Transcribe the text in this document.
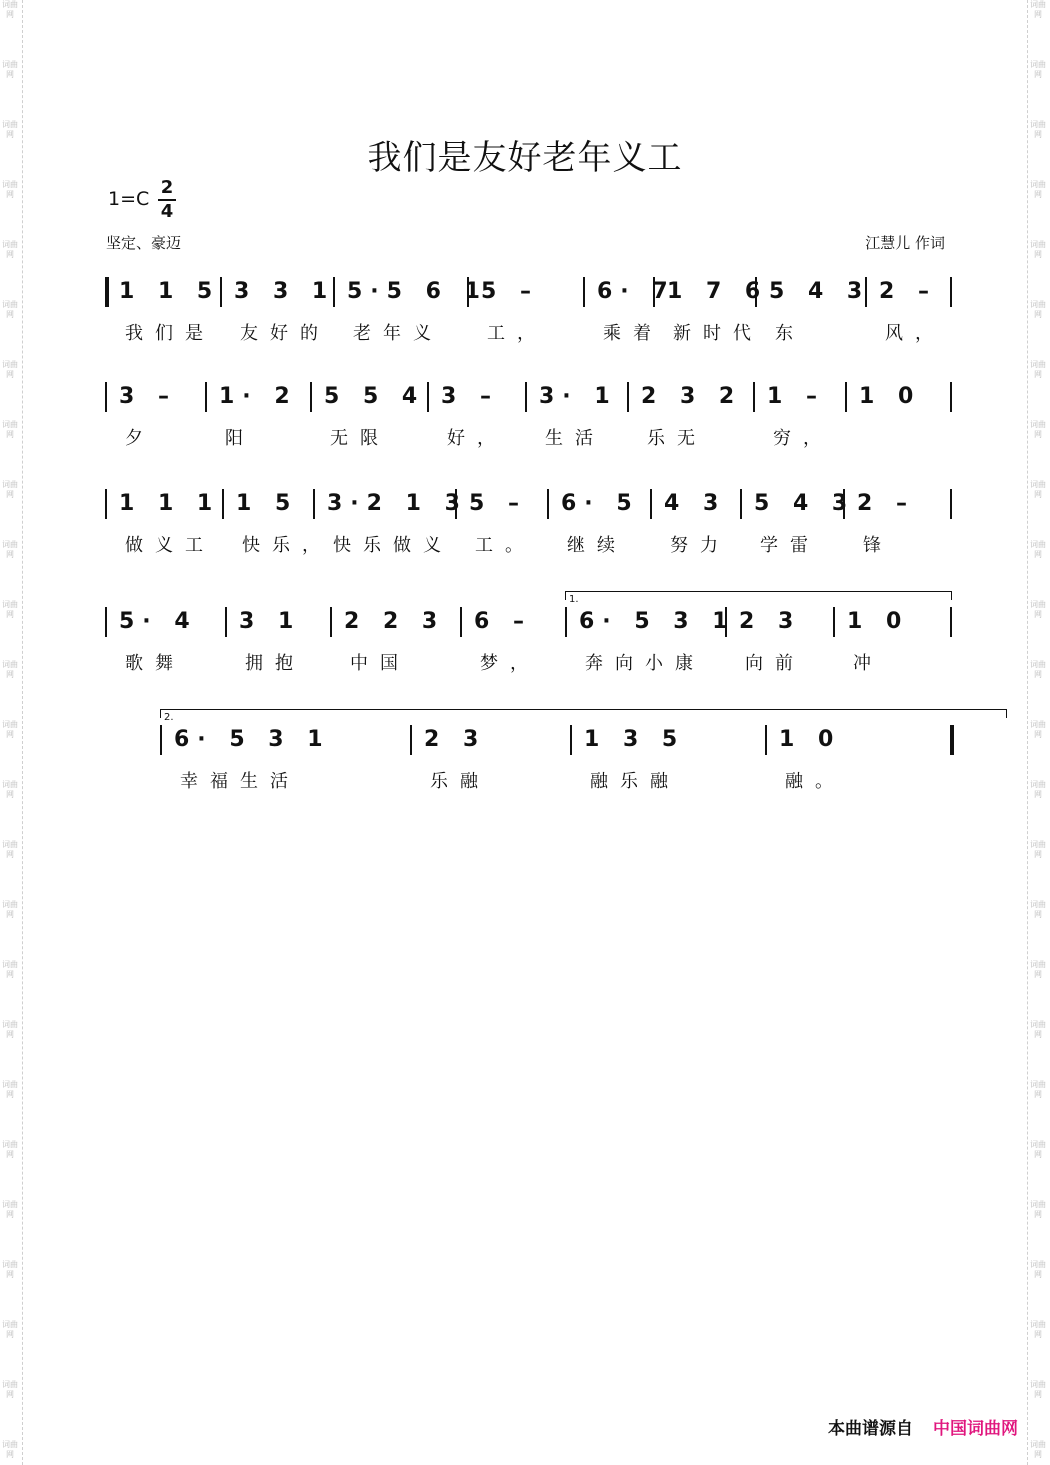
词曲网
词曲网
词曲网
词曲网
词曲网
词曲网
词曲网
词曲网
词曲网
词曲网
词曲网
词曲网
词曲网
词曲网
词曲网
词曲网
词曲网
词曲网
词曲网
词曲网
词曲网
词曲网
词曲网
词曲网
词曲网
词曲网
词曲网
词曲网
词曲网
词曲网
词曲网
词曲网
词曲网
词曲网
词曲网
词曲网
词曲网
词曲网
词曲网
词曲网
词曲网
词曲网
词曲网
词曲网
词曲网
词曲网
词曲网
词曲网
词曲网
词曲网
我们是友好老年义工
1=C
2
4
坚定、豪迈	江慧儿 作词
1 1 5 3 3 1 5·5 6 1
5 –	6· 7
1 7 6 5 4 3 2 –
我们是 友好的 老年义 工，	乘着 新时代 东	风，
3 –	1· 2 5 5 4 3 –	3· 1 2 3 2 1 –	1 0
夕	阳	无限	好， 生活 乐无	穷，
1 1 1 1 5 3·2 1 3 5 –	6· 5 4 3 5 4 3 2 –
做义工 快乐， 快乐做义 工。 继续 努力 学雷 锋
5· 4	3 1	2 2 3 6 –	6· 5 3 1 2 3	1 0
1.
歌舞	拥抱	中国	梦，	奔向小康 向前	冲
6· 5 3 1	2 3	1 3 5	1 0
2.
幸福生活	乐融	融乐融	融。
本曲谱源自 中国词曲网
